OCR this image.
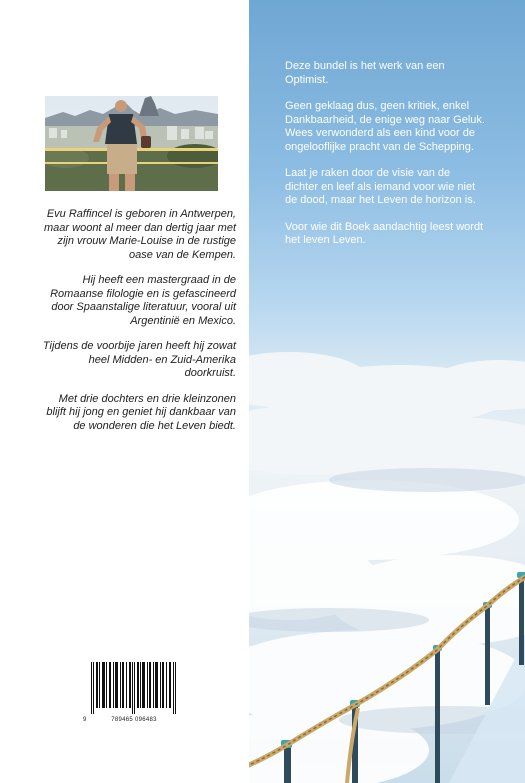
Evu Raffincel is geboren in Antwerpen, maar woont al meer dan dertig jaar met zijn vrouw Marie-Louise in de rustige oase van de Kempen.

Hij heeft een mastergraad in de Romaanse filologie en is gefascineerd door Spaanstalige literatuur, vooral uit Argentinië en Mexico.

Tijdens de voorbije jaren heeft hij zowat heel Midden- en Zuid-Amerika doorkruist.

Met drie dochters en drie kleinzonen blijft hij jong en geniet hij dankbaar van de wonderen die het Leven biedt.

9	789465 096483

Deze bundel is het werk van een Optimist.

Geen geklaag dus, geen kritiek, enkel Dankbaarheid, de enige weg naar Geluk. Wees verwonderd als een kind voor de ongelooflijke pracht van de Schepping.

Laat je raken door de visie van de dichter en leef als iemand voor wie niet de dood, maar het Leven de horizon is.

Voor wie dit Boek aandachtig leest wordt het leven Leven.
